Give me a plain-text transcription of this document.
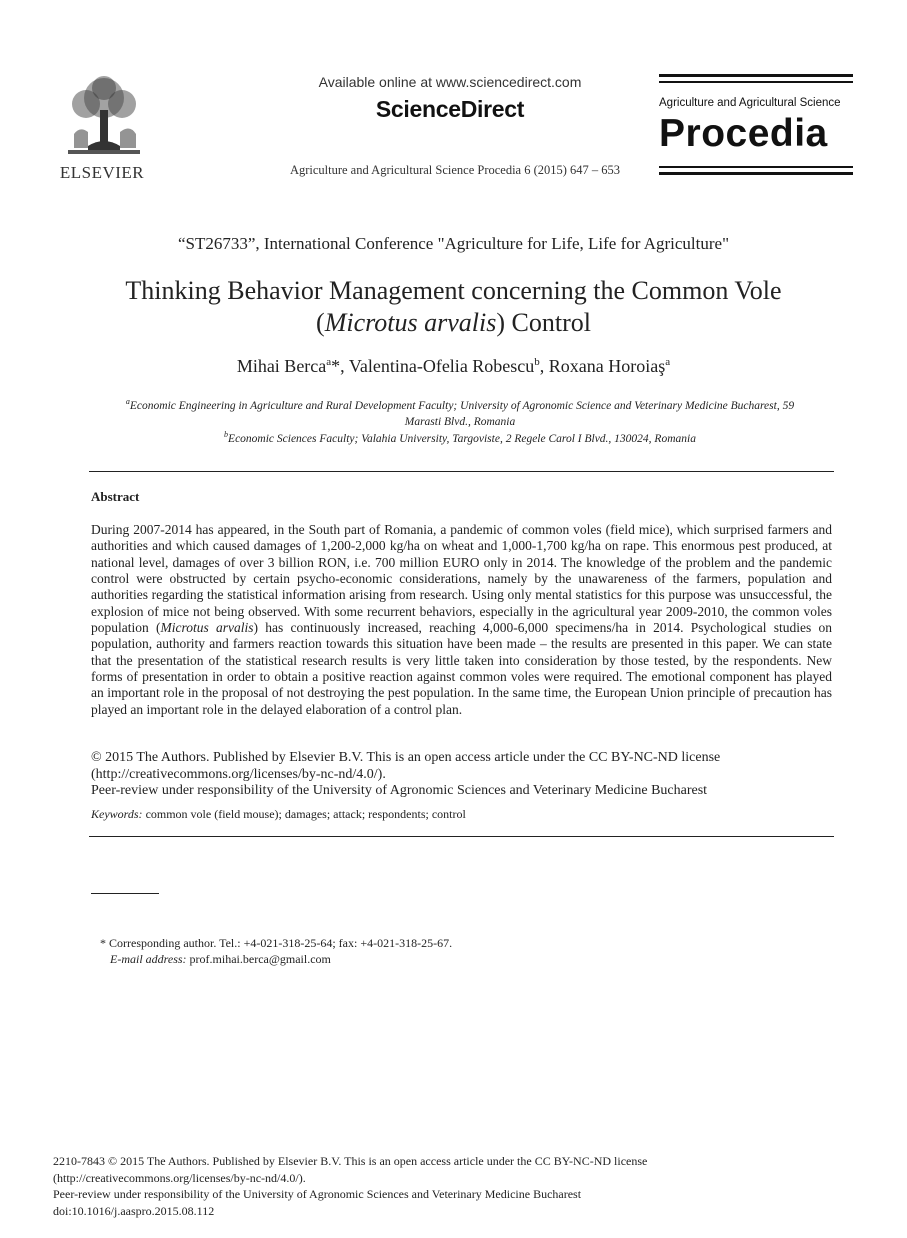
ELSEVIER
Available online at www.sciencedirect.com
ScienceDirect
Agriculture and Agricultural Science Procedia 6 (2015) 647 – 653
Agriculture and Agricultural Science
Procedia
“ST26733”, International Conference "Agriculture for Life, Life for Agriculture"
Thinking Behavior Management concerning the Common Vole
(Microtus arvalis) Control
Mihai Berca$^a$*, Valentina-Ofelia Robescu$^b$, Roxana Horoiaş$^a$
$^a$Economic Engineering in Agriculture and Rural Development Faculty; University of Agronomic Science and Veterinary Medicine Bucharest, 59
Marasti Blvd., Romania
$^b$Economic Sciences Faculty; Valahia University, Targoviste, 2 Regele Carol I Blvd., 130024, Romania
Abstract
During 2007-2014 has appeared, in the South part of Romania, a pandemic of common voles (field mice), which surprised farmers and authorities and which caused damages of 1,200-2,000 kg/ha on wheat and 1,000-1,700 kg/ha on rape. This enormous pest produced, at national level, damages of over 3 billion RON, i.e. 700 million EURO only in 2014. The knowledge of the problem and the pandemic control were obstructed by certain psycho-economic considerations, namely by the unawareness of the farmers, population and authorities regarding the statistical information arising from research. Using only mental statistics for this purpose was unsuccessful, the explosion of mice not being observed. With some recurrent behaviors, especially in the agricultural year 2009-2010, the common voles population (Microtus arvalis) has continuously increased, reaching 4,000-6,000 specimens/ha in 2014. Psychological studies on population, authority and farmers reaction towards this situation have been made – the results are presented in this paper. We can state that the presentation of the statistical research results is very little taken into consideration by those tested, by the respondents. New forms of presentation in order to obtain a positive reaction against common voles were required. The emotional component has played an important role in the proposal of not destroying the pest population. In the same time, the European Union principle of precaution has played an important role in the delayed elaboration of a control plan.
© 2015 The Authors. Published by Elsevier B.V. This is an open access article under the CC BY-NC-ND license
(http://creativecommons.org/licenses/by-nc-nd/4.0/).
Peer-review under responsibility of the University of Agronomic Sciences and Veterinary Medicine Bucharest
Keywords: common vole (field mouse); damages; attack; respondents; control
* Corresponding author. Tel.: +4-021-318-25-64; fax: +4-021-318-25-67.
E-mail address: prof.mihai.berca@gmail.com
2210-7843 © 2015 The Authors. Published by Elsevier B.V. This is an open access article under the CC BY-NC-ND license
(http://creativecommons.org/licenses/by-nc-nd/4.0/).
Peer-review under responsibility of the University of Agronomic Sciences and Veterinary Medicine Bucharest
doi:10.1016/j.aaspro.2015.08.112
